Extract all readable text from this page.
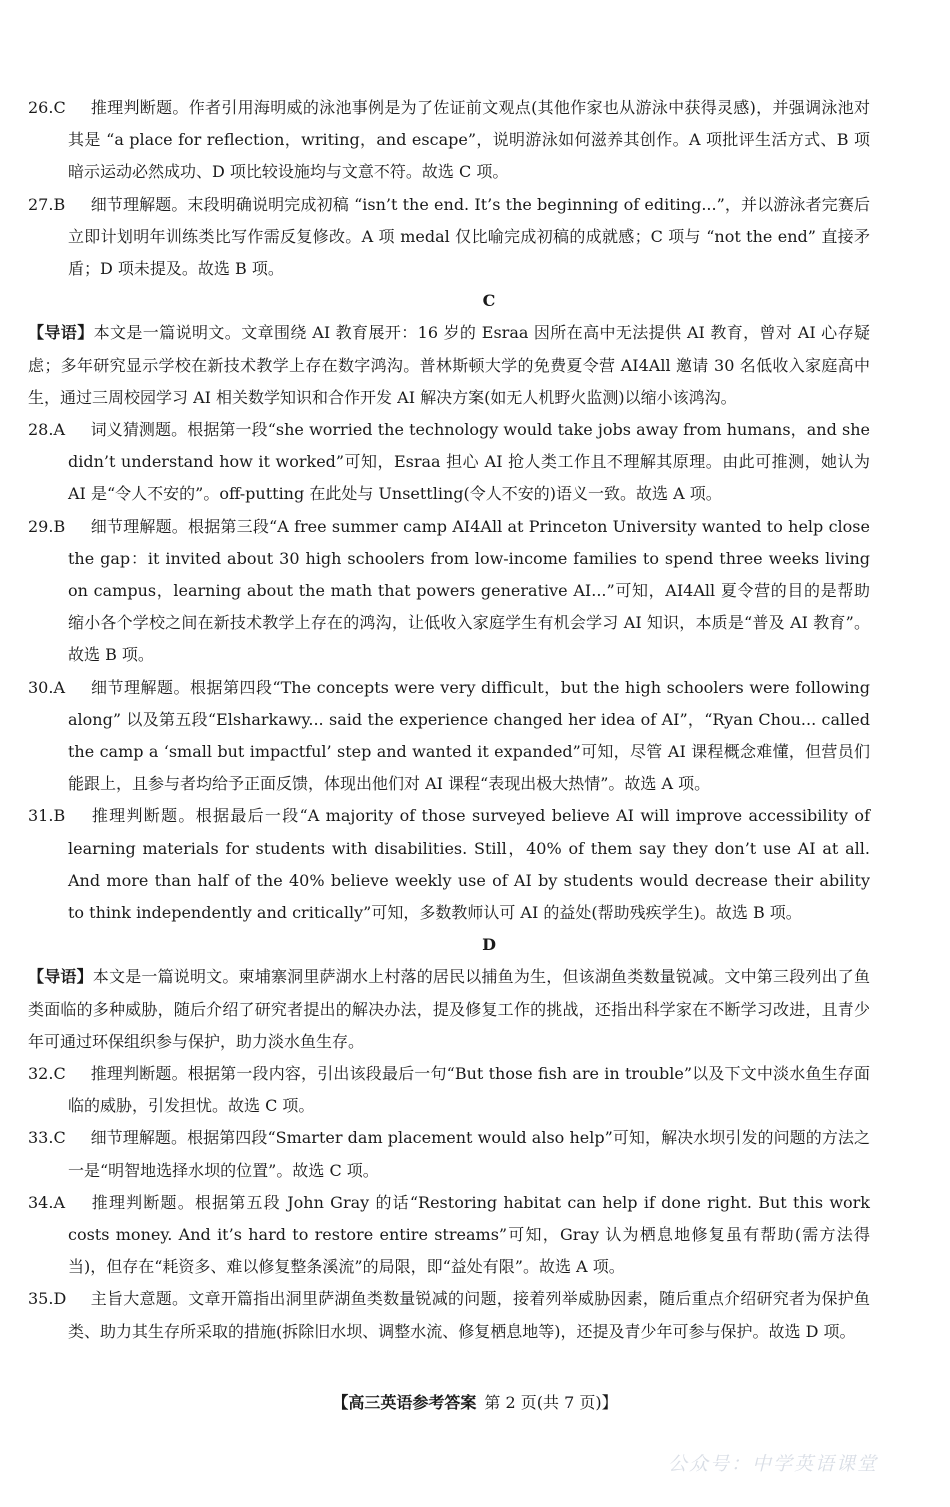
26.C 推理判断题。作者引用海明威的泳池事例是为了佐证前文观点(其他作家也从游泳中获得灵感)，并强调泳池对其是 “a place for reflection，writing，and escape”，说明游泳如何滋养其创作。A 项批评生活方式、B 项暗示运动必然成功、D 项比较设施均与文意不符。故选 C 项。

27.B 细节理解题。末段明确说明完成初稿 “isn’t the end. It’s the beginning of editing...”，并以游泳者完赛后立即计划明年训练类比写作需反复修改。A 项 medal 仅比喻完成初稿的成就感；C 项与 “not the end” 直接矛盾；D 项未提及。故选 B 项。

C

【导语】本文是一篇说明文。文章围绕 AI 教育展开：16 岁的 Esraa 因所在高中无法提供 AI 教育，曾对 AI 心存疑虑；多年研究显示学校在新技术教学上存在数字鸿沟。普林斯顿大学的免费夏令营 AI4All 邀请 30 名低收入家庭高中生，通过三周校园学习 AI 相关数学知识和合作开发 AI 解决方案(如无人机野火监测)以缩小该鸿沟。

28.A 词义猜测题。根据第一段“she worried the technology would take jobs away from humans，and she didn’t understand how it worked”可知，Esraa 担心 AI 抢人类工作且不理解其原理。由此可推测，她认为 AI 是“令人不安的”。off-putting 在此处与 Unsettling(令人不安的)语义一致。故选 A 项。

29.B 细节理解题。根据第三段“A free summer camp AI4All at Princeton University wanted to help close the gap：it invited about 30 high schoolers from low-income families to spend three weeks living on campus，learning about the math that powers generative AI...”可知，AI4All 夏令营的目的是帮助缩小各个学校之间在新技术教学上存在的鸿沟，让低收入家庭学生有机会学习 AI 知识，本质是“普及 AI 教育”。故选 B 项。

30.A 细节理解题。根据第四段“The concepts were very difficult，but the high schoolers were following along” 以及第五段“Elsharkawy... said the experience changed her idea of AI”，“Ryan Chou... called the camp a ‘small but impactful’ step and wanted it expanded”可知，尽管 AI 课程概念难懂，但营员们能跟上，且参与者均给予正面反馈，体现出他们对 AI 课程“表现出极大热情”。故选 A 项。

31.B 推理判断题。根据最后一段“A majority of those surveyed believe AI will improve accessibility of learning materials for students with disabilities. Still，40% of them say they don’t use AI at all. And more than half of the 40% believe weekly use of AI by students would decrease their ability to think independently and critically”可知，多数教师认可 AI 的益处(帮助残疾学生)。故选 B 项。

D

【导语】本文是一篇说明文。柬埔寨洞里萨湖水上村落的居民以捕鱼为生，但该湖鱼类数量锐减。文中第三段列出了鱼类面临的多种威胁，随后介绍了研究者提出的解决办法，提及修复工作的挑战，还指出科学家在不断学习改进，且青少年可通过环保组织参与保护，助力淡水鱼生存。

32.C 推理判断题。根据第一段内容，引出该段最后一句“But those fish are in trouble”以及下文中淡水鱼生存面临的威胁，引发担忧。故选 C 项。

33.C 细节理解题。根据第四段“Smarter dam placement would also help”可知，解决水坝引发的问题的方法之一是“明智地选择水坝的位置”。故选 C 项。

34.A 推理判断题。根据第五段 John Gray 的话“Restoring habitat can help if done right. But this work costs money. And it’s hard to restore entire streams”可知，Gray 认为栖息地修复虽有帮助(需方法得当)，但存在“耗资多、难以修复整条溪流”的局限，即“益处有限”。故选 A 项。

35.D 主旨大意题。文章开篇指出洞里萨湖鱼类数量锐减的问题，接着列举威胁因素，随后重点介绍研究者为保护鱼类、助力其生存所采取的措施(拆除旧水坝、调整水流、修复栖息地等)，还提及青少年可参与保护。故选 D 项。

【高三英语参考答案 第 2 页(共 7 页)】
公众号：中学英语课堂
